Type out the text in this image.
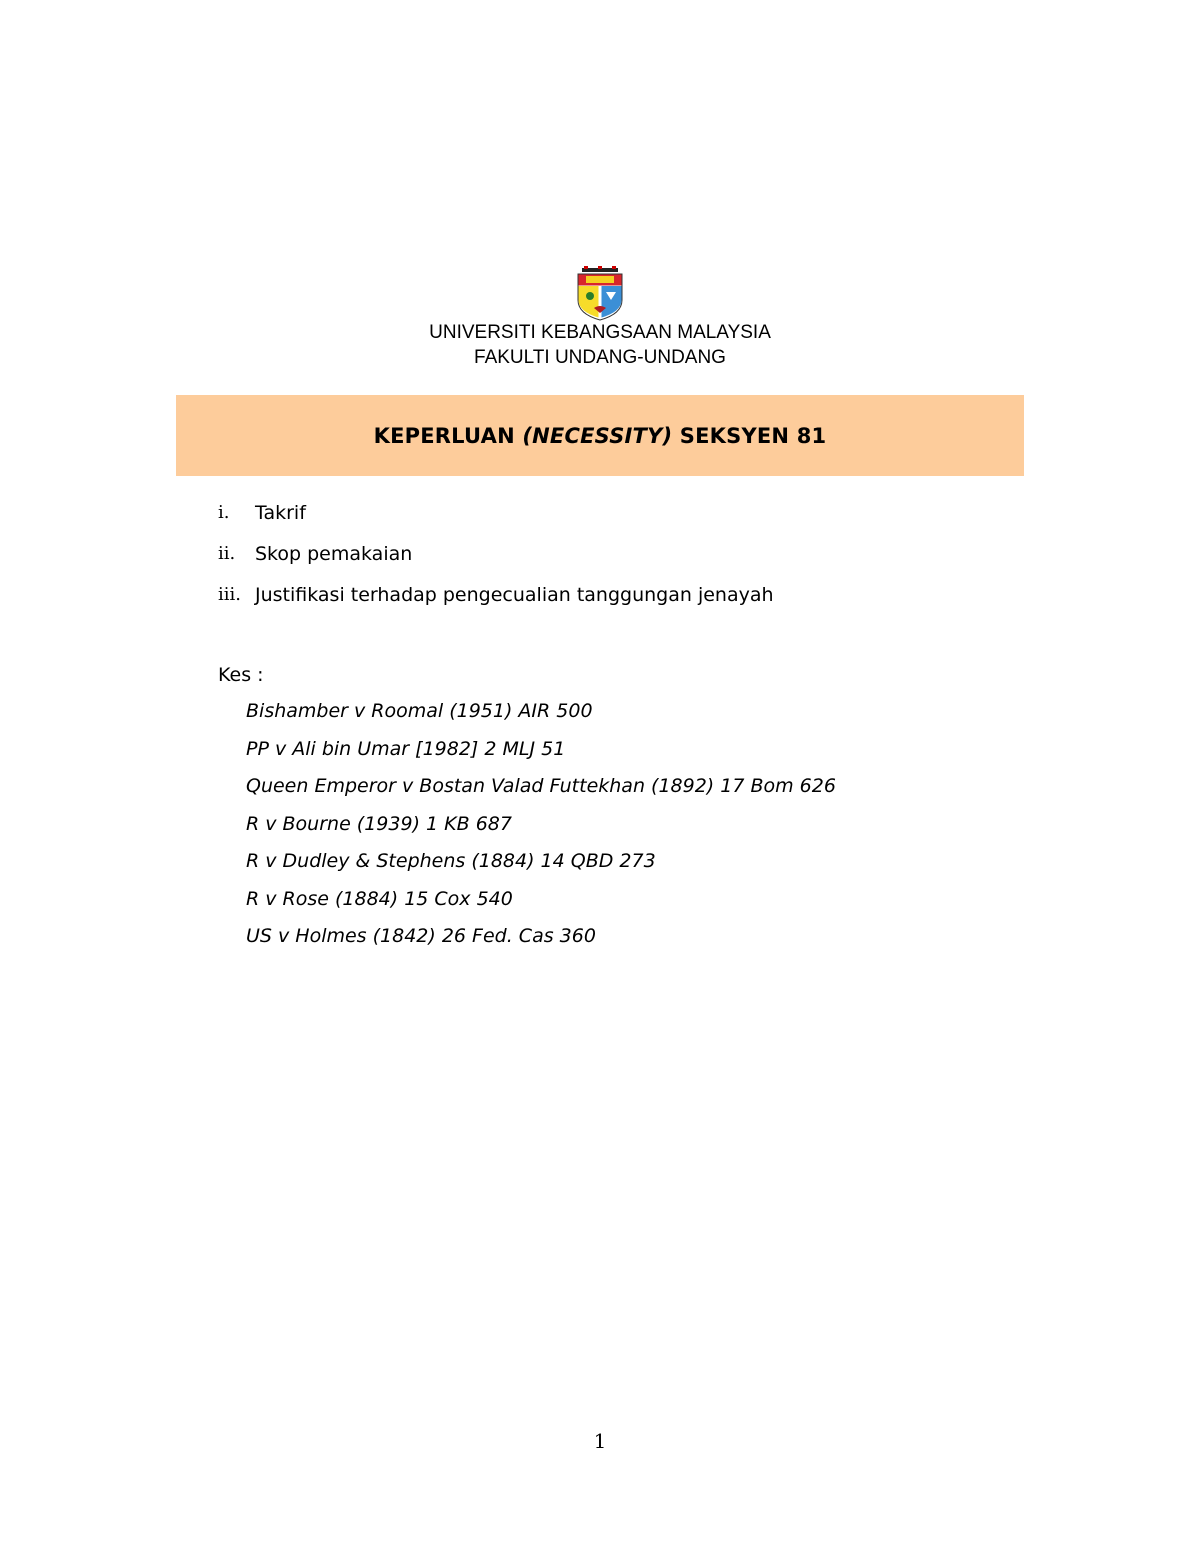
UNIVERSITI KEBANGSAAN MALAYSIA
FAKULTI UNDANG-UNDANG
KEPERLUAN (NECESSITY) SEKSYEN 81
i.	Takrif
ii.	Skop pemakaian
iii. Justifikasi terhadap pengecualian tanggungan jenayah
Kes :
Bishamber v Roomal (1951) AIR 500
PP v Ali bin Umar [1982] 2 MLJ 51
Queen Emperor v Bostan Valad Futtekhan (1892) 17 Bom 626
R v Bourne (1939) 1 KB 687
R v Dudley & Stephens (1884) 14 QBD 273
R v Rose (1884) 15 Cox 540
US v Holmes (1842) 26 Fed. Cas 360
1
